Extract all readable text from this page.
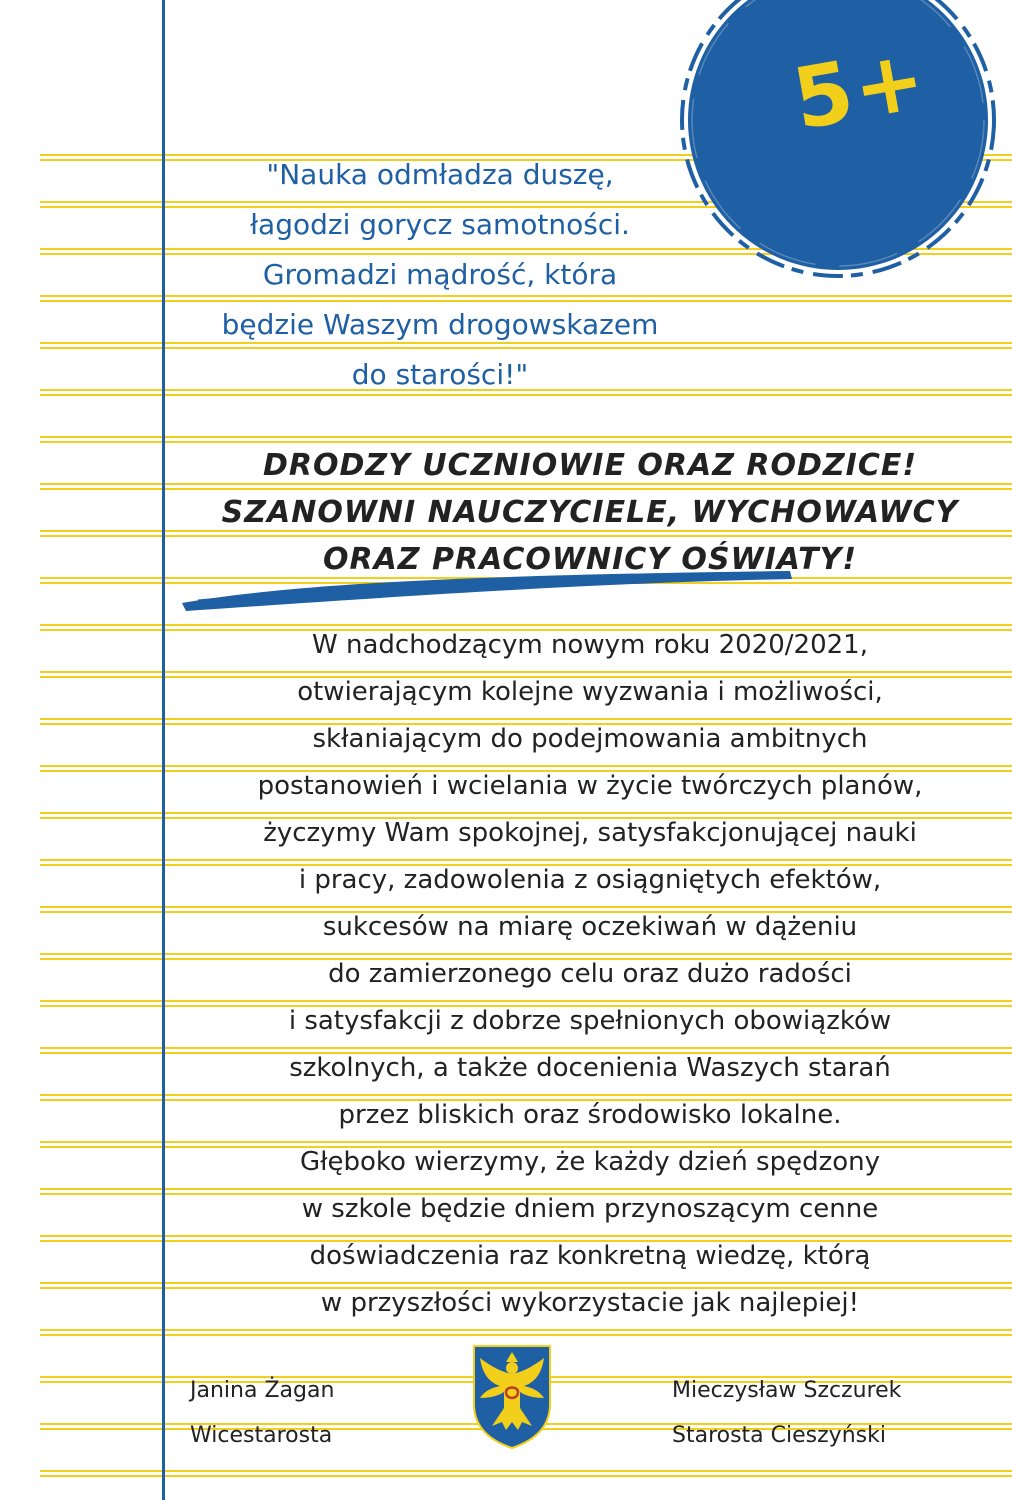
5+
"Nauka odmładza duszę,
łagodzi gorycz samotności.
Gromadzi mądrość, która
będzie Waszym drogowskazem
do starości!"
DRODZY UCZNIOWIE ORAZ RODZICE!
SZANOWNI NAUCZYCIELE, WYCHOWAWCY
ORAZ PRACOWNICY OŚWIATY!
W nadchodzącym nowym roku 2020/2021,
otwierającym kolejne wyzwania i możliwości,
skłaniającym do podejmowania ambitnych
postanowień i wcielania w życie twórczych planów,
życzymy Wam spokojnej, satysfakcjonującej nauki
i pracy, zadowolenia z osiągniętych efektów,
sukcesów na miarę oczekiwań w dążeniu
do zamierzonego celu oraz dużo radości
i satysfakcji z dobrze spełnionych obowiązków
szkolnych, a także docenienia Waszych starań
przez bliskich oraz środowisko lokalne.
Głęboko wierzymy, że każdy dzień spędzony
w szkole będzie dniem przynoszącym cenne
doświadczenia raz konkretną wiedzę, którą
w przyszłości wykorzystacie jak najlepiej!
Janina Żagan
Wicestarosta
Mieczysław Szczurek
Starosta Cieszyński
